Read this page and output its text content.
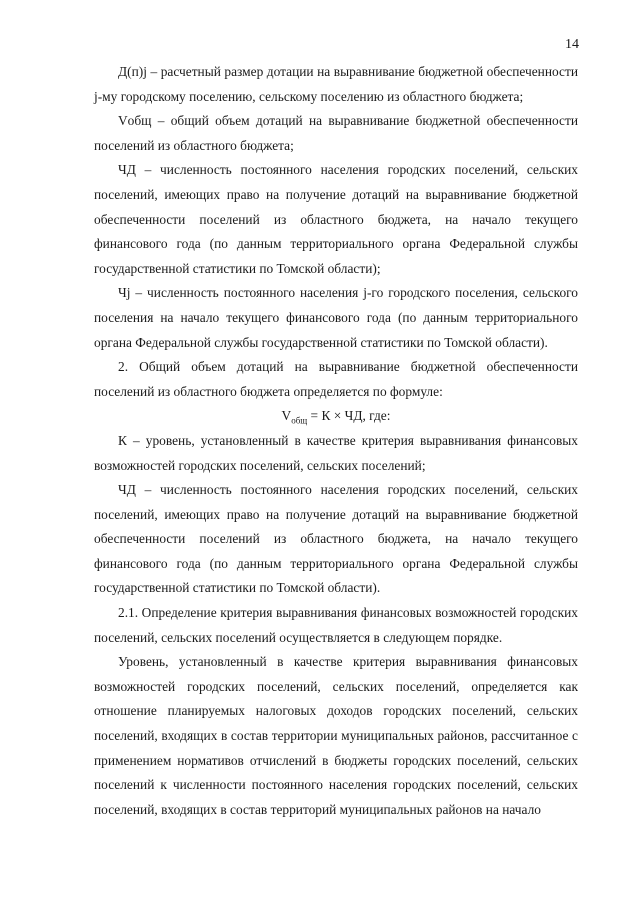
14

Д(п)j – расчетный размер дотации на выравнивание бюджетной обеспеченности j-му городскому поселению, сельскому поселению из областного бюджета;

Vобщ – общий объем дотаций на выравнивание бюджетной обеспеченности поселений из областного бюджета;

ЧД – численность постоянного населения городских поселений, сельских поселений, имеющих право на получение дотаций на выравнивание бюджетной обеспеченности поселений из областного бюджета, на начало текущего финансового года (по данным территориального органа Федеральной службы государственной статистики по Томской области);

Чj – численность постоянного населения j-го городского поселения, сельского поселения на начало текущего финансового года (по данным территориального органа Федеральной службы государственной статистики по Томской области).

2. Общий объем дотаций на выравнивание бюджетной обеспеченности поселений из областного бюджета определяется по формуле:

$V_{общ} = К$ × ЧД, где:

К – уровень, установленный в качестве критерия выравнивания финансовых возможностей городских поселений, сельских поселений;

ЧД – численность постоянного населения городских поселений, сельских поселений, имеющих право на получение дотаций на выравнивание бюджетной обеспеченности поселений из областного бюджета, на начало текущего финансового года (по данным территориального органа Федеральной службы государственной статистики по Томской области).

2.1. Определение критерия выравнивания финансовых возможностей городских поселений, сельских поселений осуществляется в следующем порядке.

Уровень, установленный в качестве критерия выравнивания финансовых возможностей городских поселений, сельских поселений, определяется как отношение планируемых налоговых доходов городских поселений, сельских поселений, входящих в состав территории муниципальных районов, рассчитанное с применением нормативов отчислений в бюджеты городских поселений, сельских поселений к численности постоянного населения городских поселений, сельских поселений, входящих в состав территорий муниципальных районов на начало
